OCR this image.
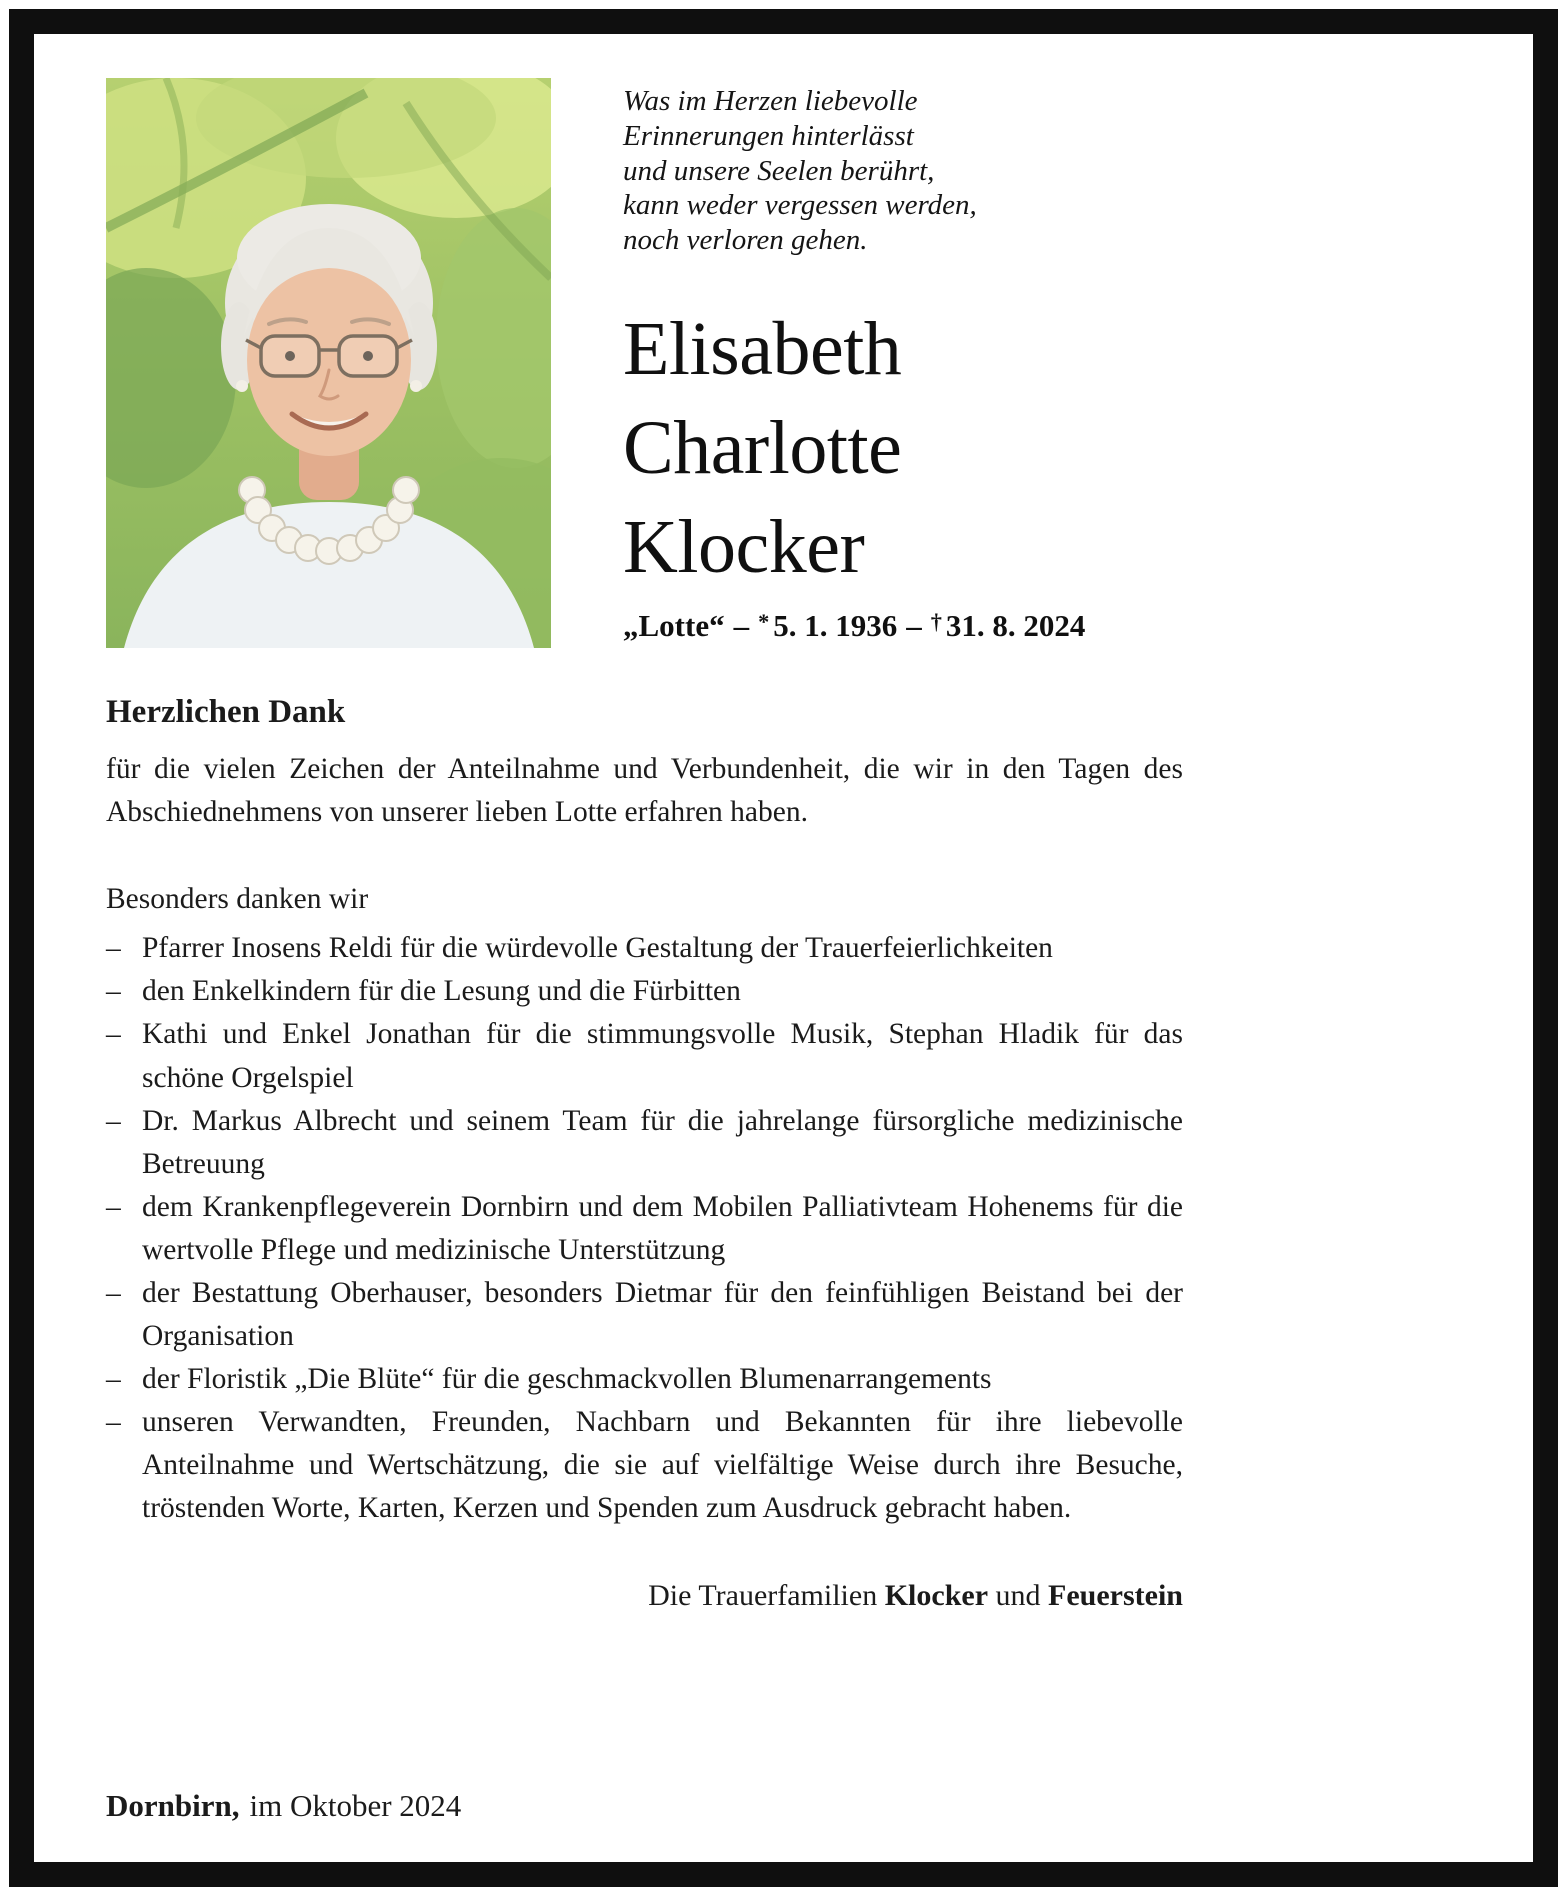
Was im Herzen liebevolle
Erinnerungen hinterlässt
und unsere Seelen berührt,
kann weder vergessen werden,
noch verloren gehen.
Elisabeth
Charlotte
Klocker
„Lotte“ – * 5. 1. 1936 – † 31. 8. 2024
Herzlichen Dank

für die vielen Zeichen der Anteilnahme und Verbundenheit, die wir in den Tagen des Abschiednehmens von unserer lieben Lotte erfahren haben.

Besonders danken wir

– Pfarrer Inosens Reldi für die würdevolle Gestaltung der Trauerfeierlichkeiten
– den Enkelkindern für die Lesung und die Fürbitten
– Kathi und Enkel Jonathan für die stimmungsvolle Musik, Stephan Hladik für das schöne Orgelspiel
– Dr. Markus Albrecht und seinem Team für die jahrelange fürsorgliche medizinische Betreuung
– dem Krankenpflegeverein Dornbirn und dem Mobilen Palliativteam Hohenems für die wertvolle Pflege und medizinische Unterstützung
– der Bestattung Oberhauser, besonders Dietmar für den feinfühligen Beistand bei der Organisation
– der Floristik „Die Blüte“ für die geschmackvollen Blumenarrangements
– unseren Verwandten, Freunden, Nachbarn und Bekannten für ihre liebevolle Anteilnahme und Wertschätzung, die sie auf vielfältige Weise durch ihre Besuche, tröstenden Worte, Karten, Kerzen und Spenden zum Ausdruck gebracht haben.
Die Trauerfamilien Klocker und Feuerstein
Dornbirn, im Oktober 2024
